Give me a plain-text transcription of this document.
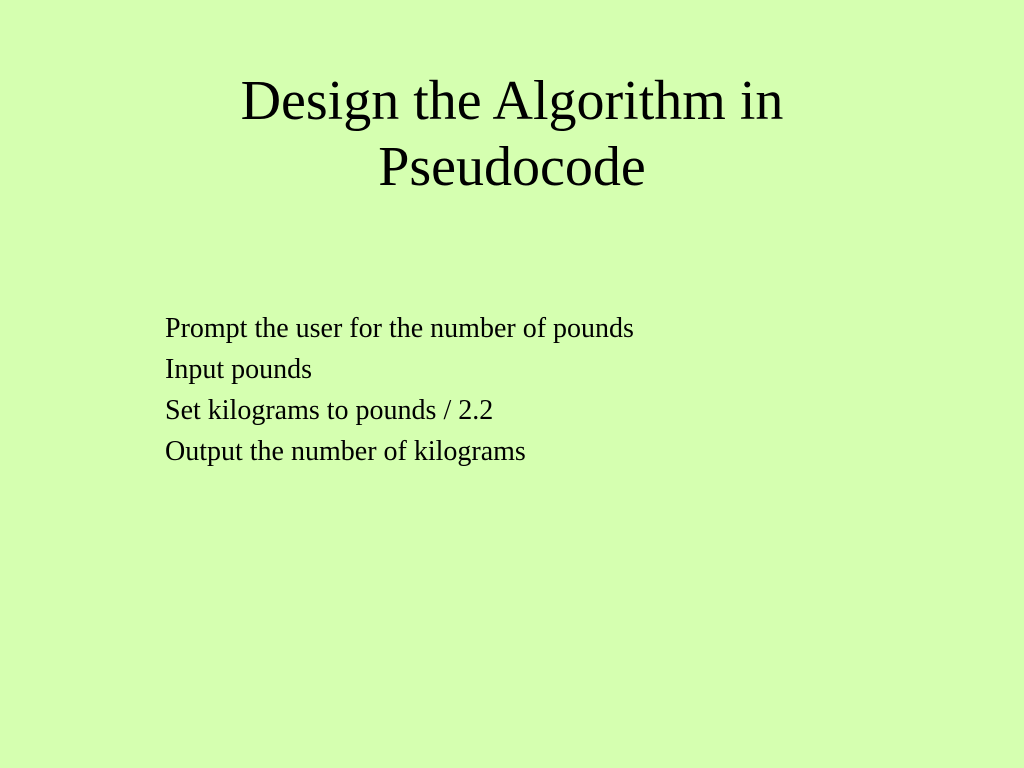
Design the Algorithm in
Pseudocode
Prompt the user for the number of pounds
Input pounds
Set kilograms to pounds / 2.2
Output the number of kilograms
